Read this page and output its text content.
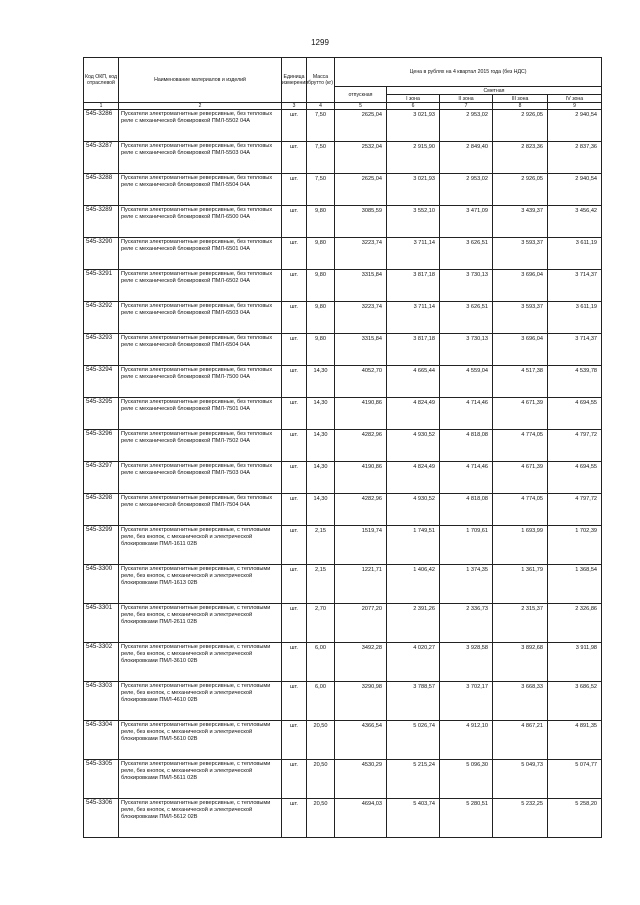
1299
Код ОКП, код отраслевой	Наименование материалов и изделий	Единица измерения	Масса брутто (кг)	Цена в рублях на 4 квартал 2015 года (без НДС)				
				отпускная	Сметная			
					I зона	II зона	III зона	IV зона
1	2	3	4	5	6	7	8	9
545-3286	Пускатели электромагнитные реверсивные, без тепловых реле с механической блокировкой ПМЛ-5502 04А	шт.	7,50	2625,04	3 021,93	2 953,02	2 926,05	2 940,54
545-3287	Пускатели электромагнитные реверсивные, без тепловых реле с механической блокировкой ПМЛ-5503 04А	шт.	7,50	2532,04	2 915,90	2 849,40	2 823,36	2 837,36
545-3288	Пускатели электромагнитные реверсивные, без тепловых реле с механической блокировкой ПМЛ-5504 04А	шт.	7,50	2625,04	3 021,93	2 953,02	2 926,05	2 940,54
545-3289	Пускатели электромагнитные реверсивные, без тепловых реле с механической блокировкой ПМЛ-6500 04А	шт.	9,80	3085,59	3 552,10	3 471,09	3 439,37	3 456,42
545-3290	Пускатели электромагнитные реверсивные, без тепловых реле с механической блокировкой ПМЛ-6501 04А	шт.	9,80	3223,74	3 711,14	3 626,51	3 593,37	3 611,19
545-3291	Пускатели электромагнитные реверсивные, без тепловых реле с механической блокировкой ПМЛ-6502 04А	шт.	9,80	3315,84	3 817,18	3 730,13	3 696,04	3 714,37
545-3292	Пускатели электромагнитные реверсивные, без тепловых реле с механической блокировкой ПМЛ-6503 04А	шт.	9,80	3223,74	3 711,14	3 626,51	3 593,37	3 611,19
545-3293	Пускатели электромагнитные реверсивные, без тепловых реле с механической блокировкой ПМЛ-6504 04А	шт.	9,80	3315,84	3 817,18	3 730,13	3 696,04	3 714,37
545-3294	Пускатели электромагнитные реверсивные, без тепловых реле с механической блокировкой ПМЛ-7500 04А	шт.	14,30	4052,70	4 665,44	4 559,04	4 517,38	4 539,78
545-3295	Пускатели электромагнитные реверсивные, без тепловых реле с механической блокировкой ПМЛ-7501 04А	шт.	14,30	4190,86	4 824,49	4 714,46	4 671,39	4 694,55
545-3296	Пускатели электромагнитные реверсивные, без тепловых реле с механической блокировкой ПМЛ-7502 04А	шт.	14,30	4282,96	4 930,52	4 818,08	4 774,05	4 797,72
545-3297	Пускатели электромагнитные реверсивные, без тепловых реле с механической блокировкой ПМЛ-7503 04А	шт.	14,30	4190,86	4 824,49	4 714,46	4 671,39	4 694,55
545-3298	Пускатели электромагнитные реверсивные, без тепловых реле с механической блокировкой ПМЛ-7504 04А	шт.	14,30	4282,96	4 930,52	4 818,08	4 774,05	4 797,72
545-3299	Пускатели электромагнитные реверсивные, с тепловыми реле, без кнопок, с механической и электрической блокировками ПМЛ-1611 02В	шт.	2,15	1519,74	1 749,51	1 709,61	1 693,99	1 702,39
545-3300	Пускатели электромагнитные реверсивные, с тепловыми реле, без кнопок, с механической и электрической блокировками ПМЛ-1613 02В	шт.	2,15	1221,71	1 406,42	1 374,35	1 361,79	1 368,54
545-3301	Пускатели электромагнитные реверсивные, с тепловыми реле, без кнопок, с механической и электрической блокировками ПМЛ-2611 02В	шт.	2,70	2077,20	2 391,26	2 336,73	2 315,37	2 326,86
545-3302	Пускатели электромагнитные реверсивные, с тепловыми реле, без кнопок, с механической и электрической блокировками ПМЛ-3610 02В	шт.	6,00	3492,28	4 020,27	3 928,58	3 892,68	3 911,98
545-3303	Пускатели электромагнитные реверсивные, с тепловыми реле, без кнопок, с механической и электрической блокировками ПМЛ-4610 02В	шт.	6,00	3290,98	3 788,57	3 702,17	3 668,33	3 686,52
545-3304	Пускатели электромагнитные реверсивные, с тепловыми реле, без кнопок, с механической и электрической блокировками ПМЛ-5610 02В	шт.	20,50	4366,54	5 026,74	4 912,10	4 867,21	4 891,35
545-3305	Пускатели электромагнитные реверсивные, с тепловыми реле, без кнопок, с механической и электрической блокировками ПМЛ-5611 02В	шт.	20,50	4530,29	5 215,24	5 096,30	5 049,73	5 074,77
545-3306	Пускатели электромагнитные реверсивные, с тепловыми реле, без кнопок, с механической и электрической блокировками ПМЛ-5612 02В	шт.	20,50	4694,03	5 403,74	5 280,51	5 232,25	5 258,20
